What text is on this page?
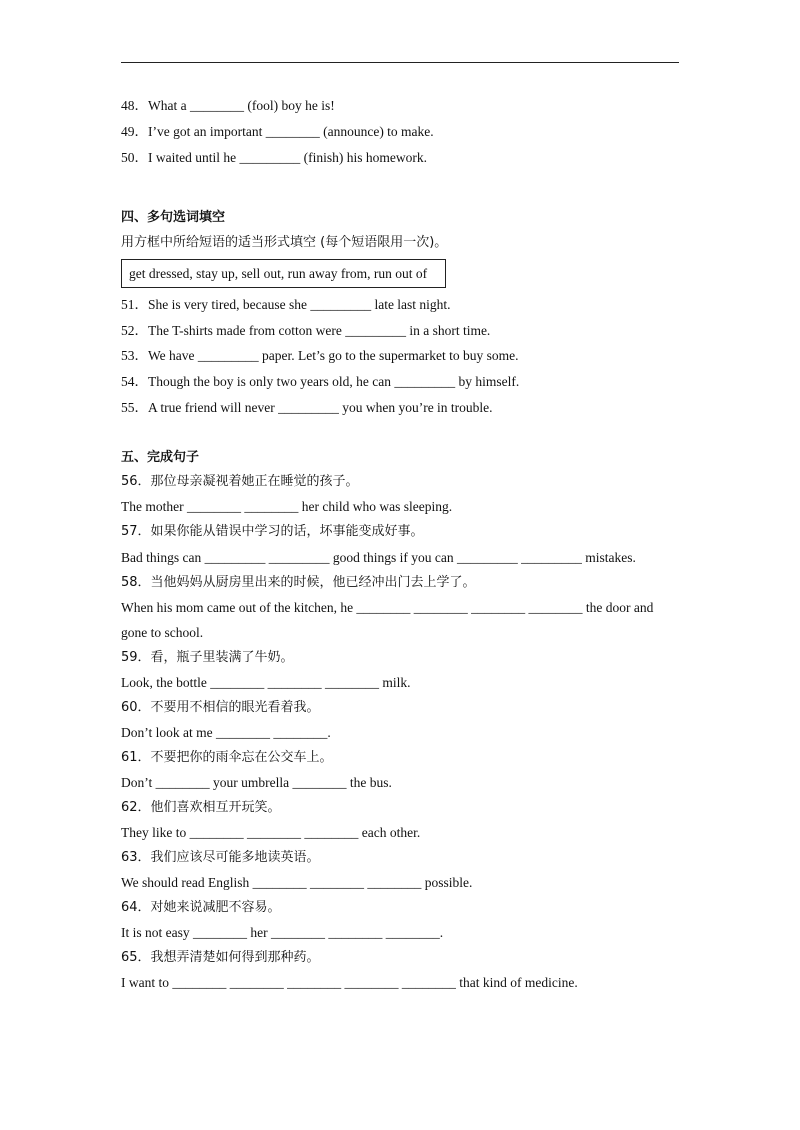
48．What a ________ (fool) boy he is!
49．I’ve got an important ________ (announce) to make.
50．I waited until he _________ (finish) his homework.
四、多句选词填空
用方框中所给短语的适当形式填空 (每个短语限用一次)。
get dressed, stay up, sell out, run away from, run out of
51．She is very tired, because she _________ late last night.
52．The T-shirts made from cotton were _________ in a short time.
53．We have _________ paper. Let’s go to the supermarket to buy some.
54．Though the boy is only two years old, he can _________ by himself.
55．A true friend will never _________ you when you’re in trouble.
五、完成句子
56．那位母亲凝视着她正在睡觉的孩子。
The mother ________ ________ her child who was sleeping.
57．如果你能从错误中学习的话，坏事能变成好事。
Bad things can _________ _________ good things if you can _________ _________ mistakes.
58．当他妈妈从厨房里出来的时候，他已经冲出门去上学了。
When his mom came out of the kitchen, he ________ ________ ________ ________ the door and
gone to school.
59．看，瓶子里装满了牛奶。
Look, the bottle ________ ________ ________ milk.
60．不要用不相信的眼光看着我。
Don’t look at me ________ ________.
61．不要把你的雨伞忘在公交车上。
Don’t ________ your umbrella ________ the bus.
62．他们喜欢相互开玩笑。
They like to ________ ________ ________ each other.
63．我们应该尽可能多地读英语。
We should read English ________ ________ ________ possible.
64．对她来说减肥不容易。
It is not easy ________ her ________ ________ ________.
65．我想弄清楚如何得到那种药。
I want to ________ ________ ________ ________ ________ that kind of medicine.
